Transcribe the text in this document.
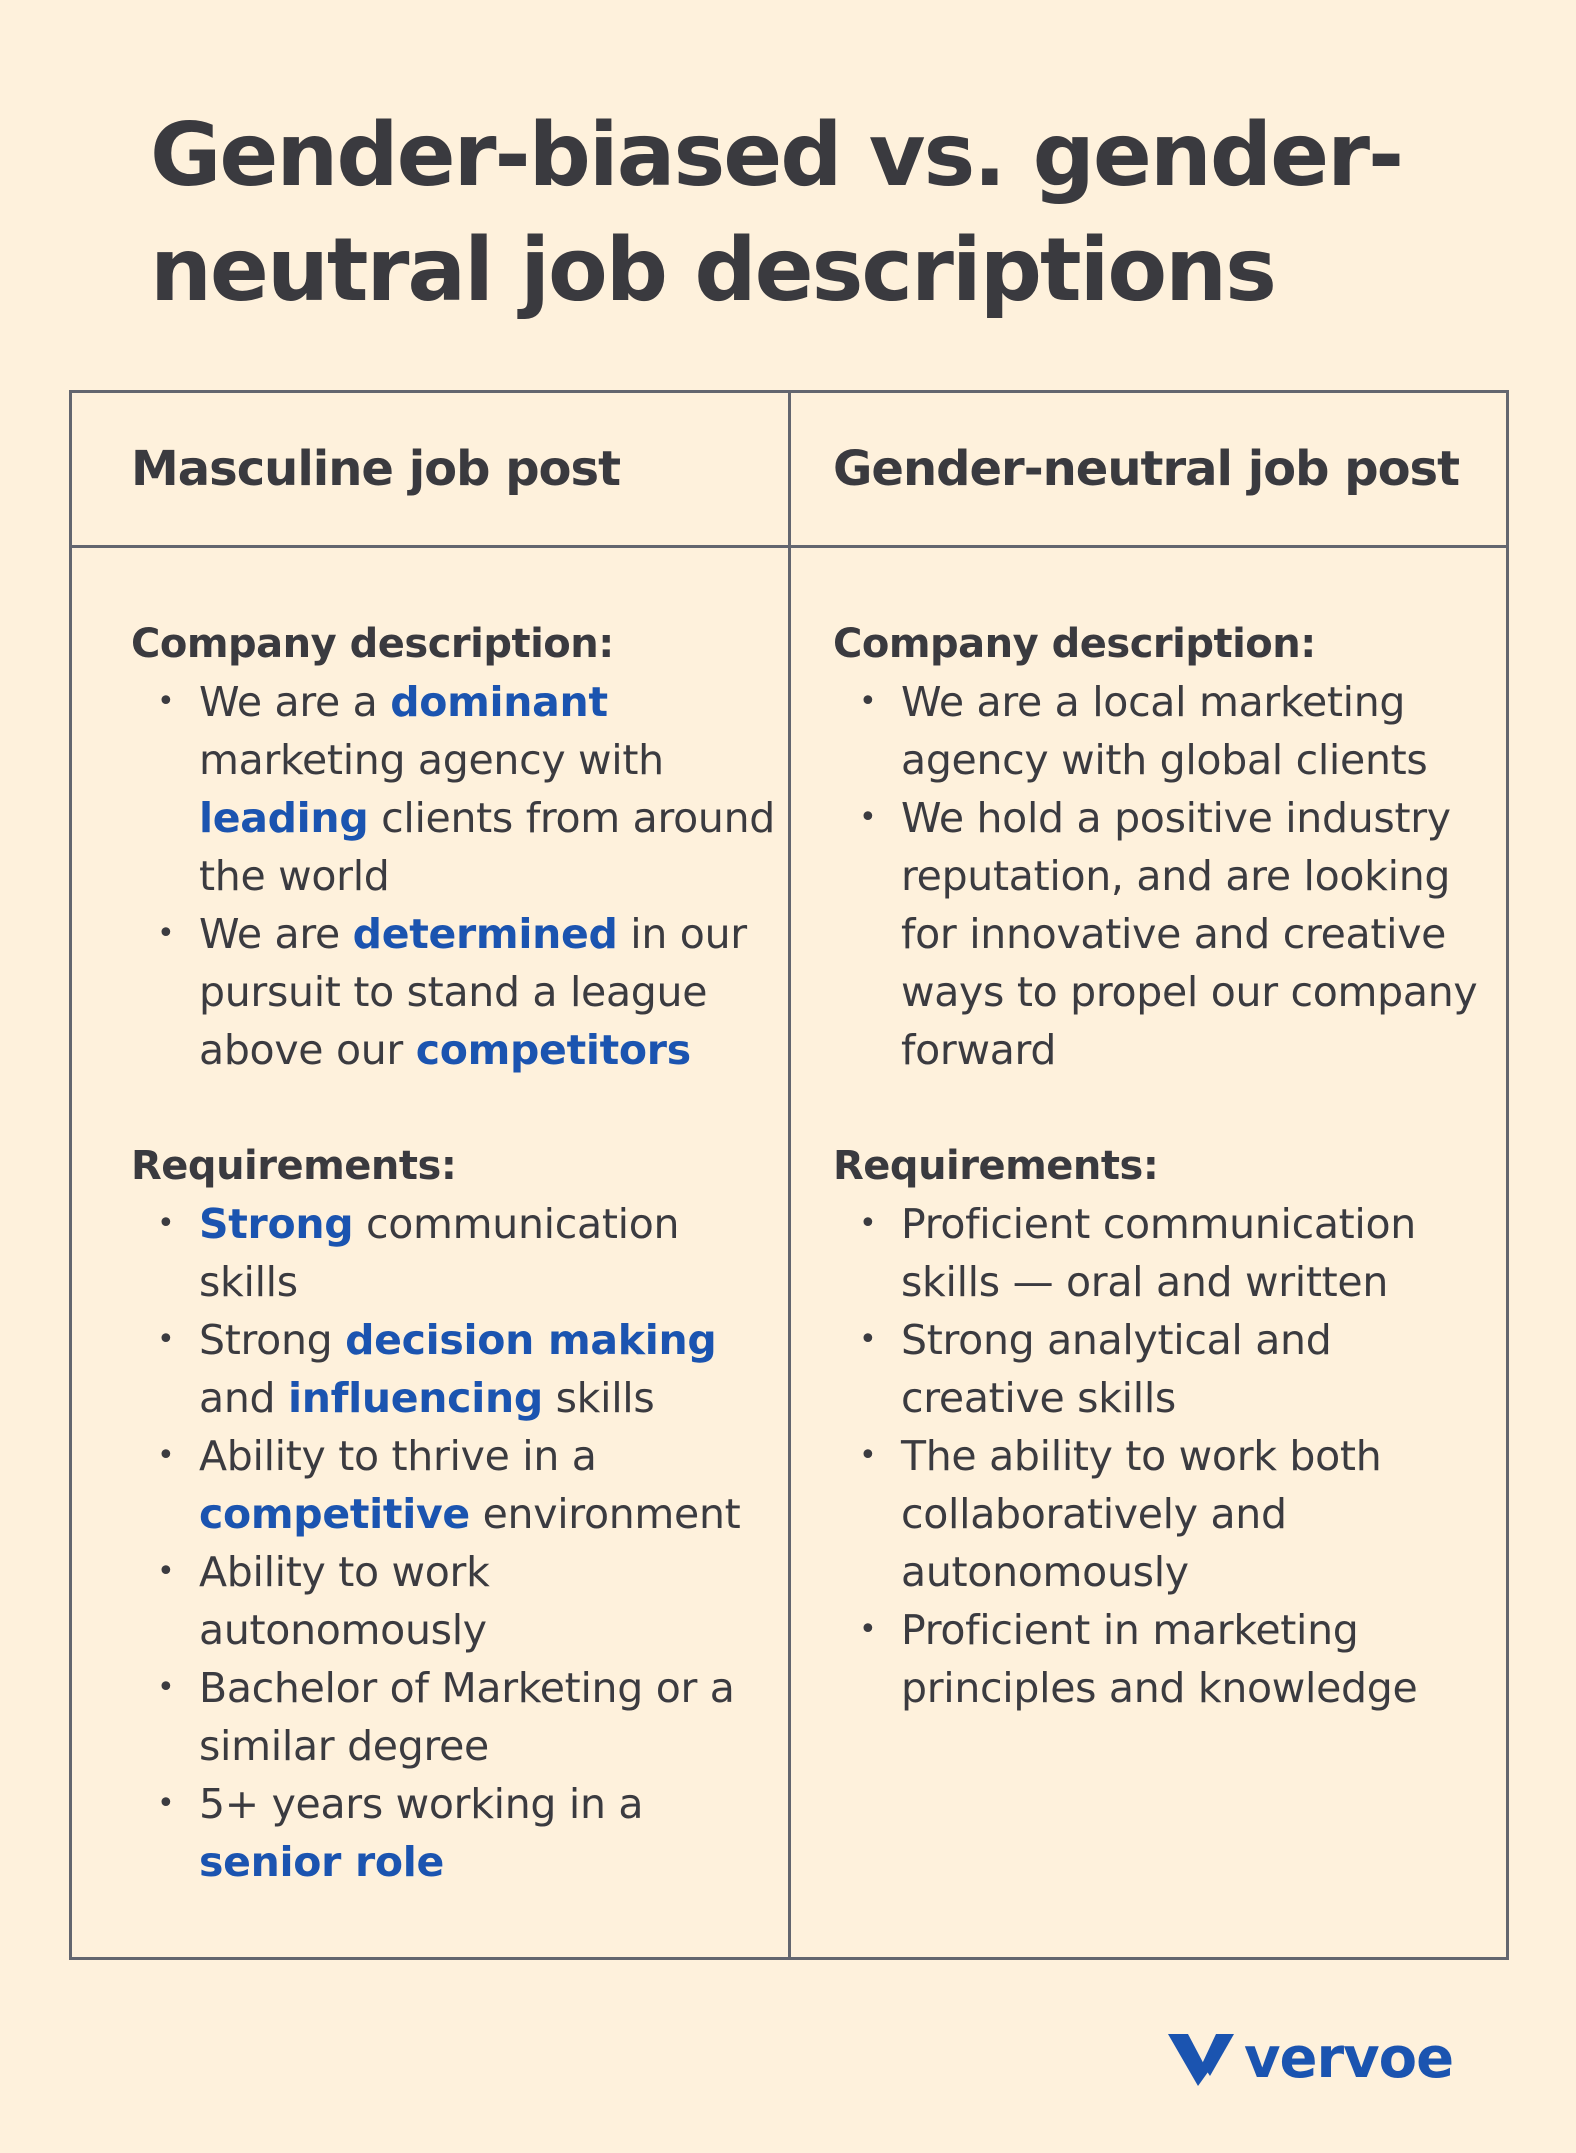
Gender-biased vs. gender-neutral job descriptions
Masculine job post	Gender-neutral job post

Company description:

• We are a dominant marketing agency with leading clients from around the world
• We are determined in our pursuit to stand a league above our competitors

Requirements:

• Strong communication skills
• Strong decision making and influencing skills
• Ability to thrive in a competitive environment
• Ability to work autonomously
• Bachelor of Marketing or a similar degree
• 5+ years working in a senior role

Company description:

• We are a local marketing agency with global clients
• We hold a positive industry reputation, and are looking for innovative and creative ways to propel our company forward

Requirements:

• Proficient communication skills — oral and written
• Strong analytical and creative skills
• The ability to work both collaboratively and autonomously
• Proficient in marketing principles and knowledge
vervoe
